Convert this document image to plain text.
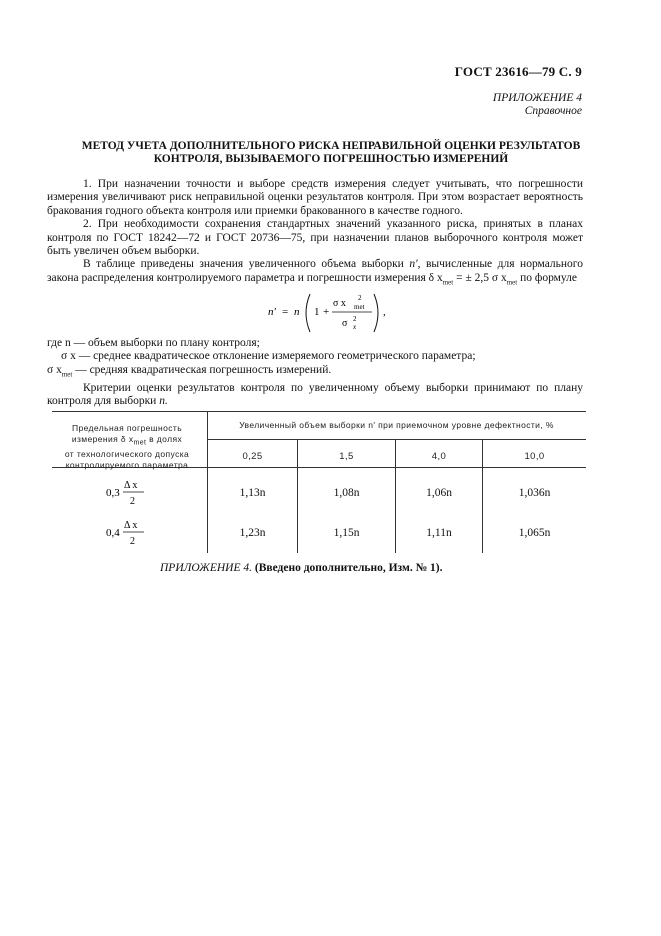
ГОСТ 23616—79 С. 9
ПРИЛОЖЕНИЕ 4
Справочное
МЕТОД УЧЕТА ДОПОЛНИТЕЛЬНОГО РИСКА НЕПРАВИЛЬНОЙ ОЦЕНКИ РЕЗУЛЬТАТОВ
КОНТРОЛЯ, ВЫЗЫВАЕМОГО ПОГРЕШНОСТЬЮ ИЗМЕРЕНИЙ

1. При назначении точности и выборе средств измерения следует учитывать, что погрешности измерения увеличивают риск неправильной оценки результатов контроля. При этом возрастает вероятность бракования годного объекта контроля или приемки бракованного в качестве годного.

2. При необходимости сохранения стандартных значений указанного риска, принятых в планах контроля по ГОСТ 18242—72 и ГОСТ 20736—75, при назначении планов выборочного контроля может быть увеличен объем выборки.

В таблице приведены значения увеличенного объема выборки n′, вычисленные для нормального закона распределения контролируемого параметра и погрешности измерения δ $x_{met}$ = ± 2,5 σ $x_{met}$ по формуле

n′ = n 1 +
σ x 2
met
σ 2
x
,
где n — объем выборки по плану контроля;
σ x — среднее квадратическое отклонение измеряемого геометрического параметра;
σ $x_{met}$ — средняя квадратическая погрешность измерений.

Критерии оценки результатов контроля по увеличенному объему выборки принимают по плану контроля для выборки n.

Предельная погрешность
измерения δ $x_{met}$ в долях
от технологического допуска
контролируемого параметра
Увеличенный объем выборки n′ при приемочном уровне дефектности, %
0,25	1,5	4,0	10,0
0,3
Δ x
2
1,13n	1,08n	1,06n	1,036n
0,4
Δ x
2
1,23n	1,15n	1,11n	1,065n
ПРИЛОЖЕНИЕ 4. (Введено дополнительно, Изм. № 1).
